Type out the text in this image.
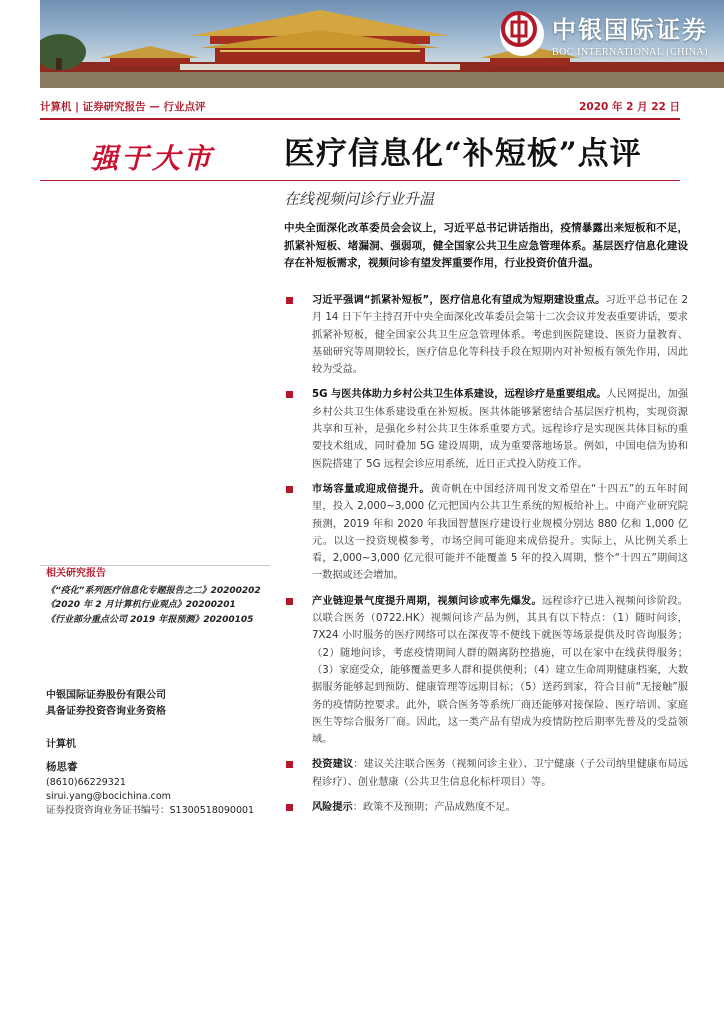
中银国际证券
BOC INTERNATIONAL (CHINA)
计算机 | 证券研究报告 — 行业点评	2020 年 2 月 22 日
强于大市 医疗信息化“补短板”点评
在线视频问诊行业升温
中央全面深化改革委员会会议上，习近平总书记讲话指出，疫情暴露出来短板和不足，抓紧补短板、堵漏洞、强弱项，健全国家公共卫生应急管理体系。基层医疗信息化建设存在补短板需求，视频问诊有望发挥重要作用，行业投资价值升温。
习近平强调“抓紧补短板”，医疗信息化有望成为短期建设重点。习近平总书记在 2 月 14 日下午主持召开中央全面深化改革委员会第十二次会议并发表重要讲话，要求抓紧补短板，健全国家公共卫生应急管理体系。考虑到医院建设、医资力量教育、基础研究等周期较长，医疗信息化等科技手段在短期内对补短板有领先作用，因此较为受益。
5G 与医共体助力乡村公共卫生体系建设，远程诊疗是重要组成。人民网提出，加强乡村公共卫生体系建设重在补短板。医共体能够紧密结合基层医疗机构，实现资源共享和互补，是强化乡村公共卫生体系重要方式。远程诊疗是实现医共体目标的重要技术组成，同时叠加 5G 建设周期，成为重要落地场景。例如，中国电信为协和医院搭建了 5G 远程会诊应用系统，近日正式投入防疫工作。
市场容量或迎成倍提升。黄奇帆在中国经济周刊发文希望在“十四五”的五年时间里，投入 2,000~3,000 亿元把国内公共卫生系统的短板给补上。中商产业研究院预测，2019 年和 2020 年我国智慧医疗建设行业规模分别达 880 亿和 1,000 亿元。以这一投资规模参考，市场空间可能迎来成倍提升。实际上，从比例关系上看，2,000~3,000 亿元很可能并不能覆盖 5 年的投入周期，整个“十四五”期间这一数据或还会增加。
产业链迎景气度提升周期，视频问诊或率先爆发。远程诊疗已进入视频问诊阶段。以联合医务（0722.HK）视频问诊产品为例，其具有以下特点：（1）随时问诊，7X24 小时服务的医疗网络可以在深夜等不便线下就医等场景提供及时咨询服务；（2）随地问诊，考虑疫情期间人群的隔离防控措施，可以在家中在线获得服务；（3）家庭受众，能够覆盖更多人群和提供便利；（4）建立生命周期健康档案，大数据服务能够起到预防、健康管理等远期目标；（5）送药到家，符合目前“无接触”服务的疫情防控要求。此外，联合医务等系统厂商还能够对接保险、医疗培训、家庭医生等综合服务厂商。因此，这一类产品有望成为疫情防控后期率先普及的受益领域。
投资建议：建议关注联合医务（视频问诊主业）、卫宁健康（子公司纳里健康布局远程诊疗）、创业慧康（公共卫生信息化标杆项目）等。
风险提示：政策不及预期；产品成熟度不足。
相关研究报告
《“疫化”系列医疗信息化专题报告之二》20200202
《2020 年 2 月计算机行业观点》20200201
《行业部分重点公司 2019 年报预测》20200105
中银国际证券股份有限公司
具备证券投资咨询业务资格
计算机
杨思睿
(8610)66229321
sirui.yang@bocichina.com
证券投资咨询业务证书编号：S1300518090001
